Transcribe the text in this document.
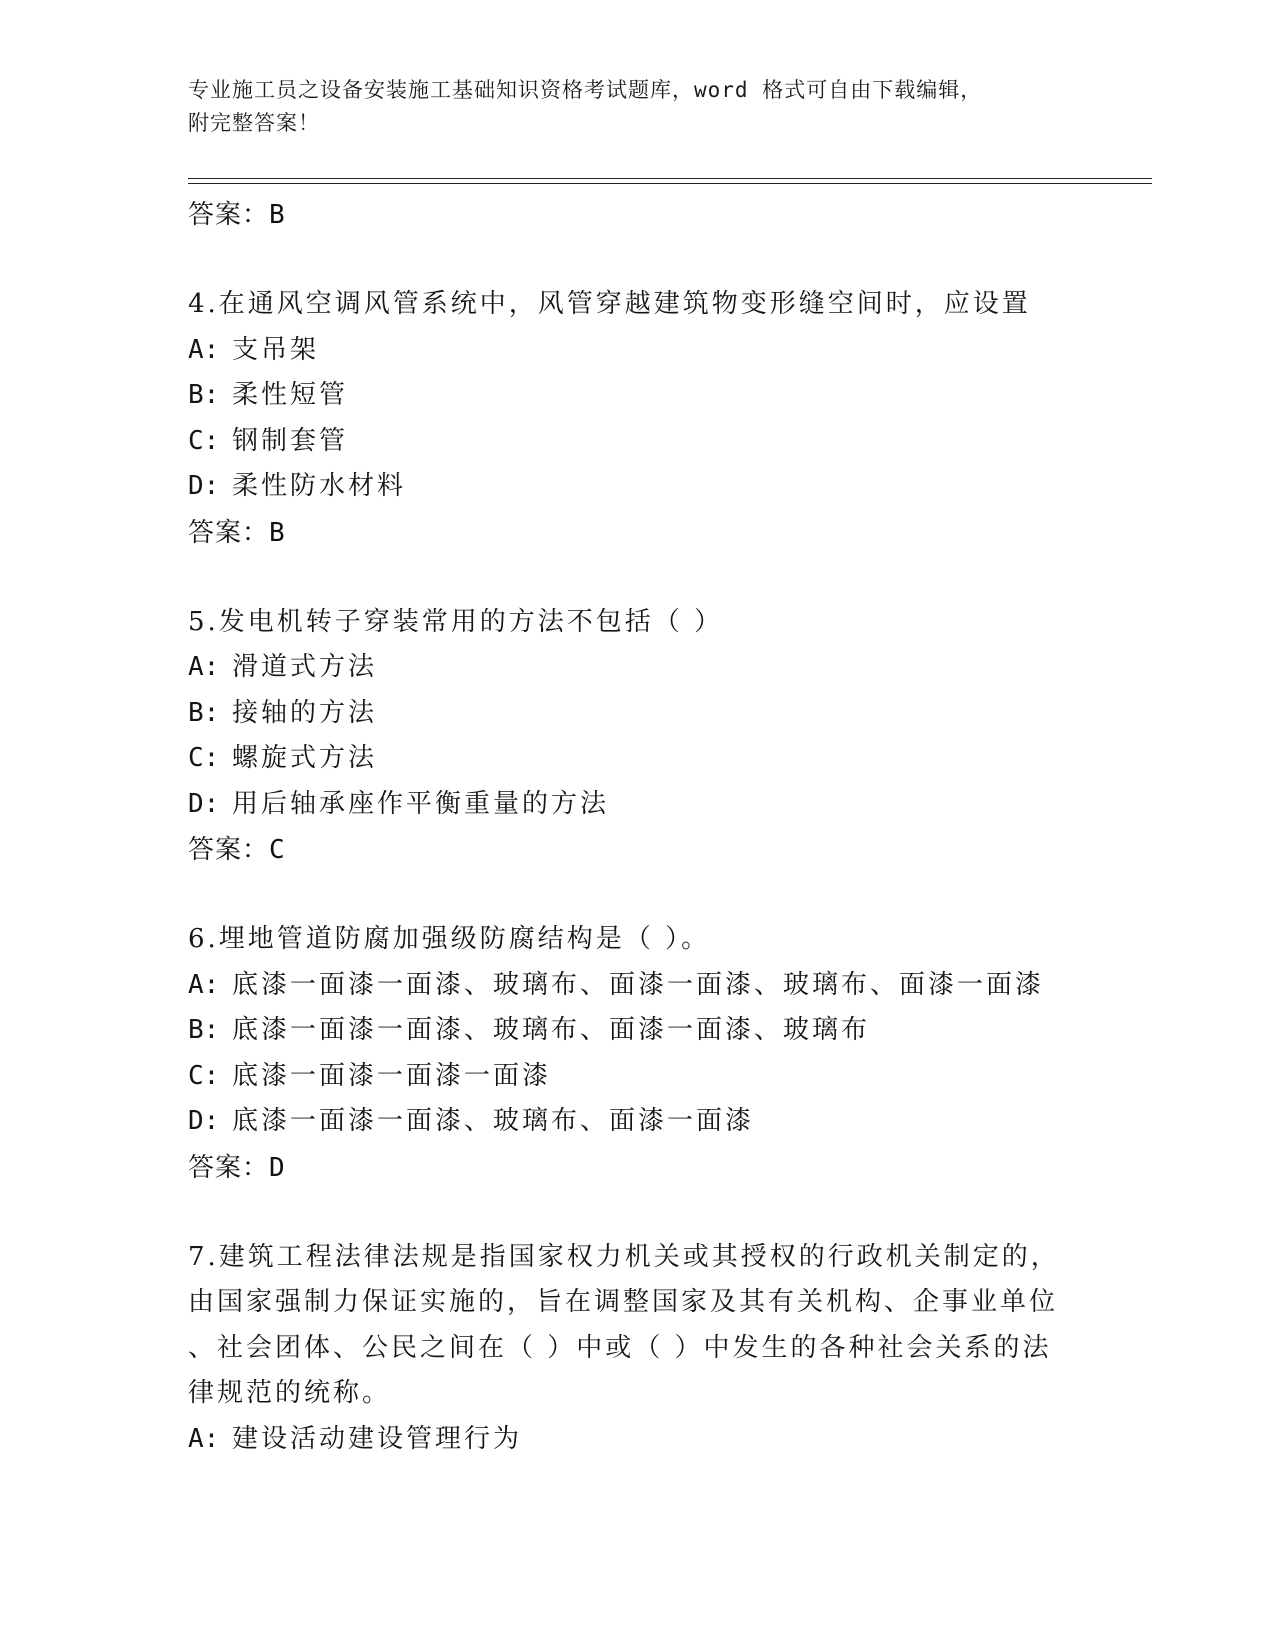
专业施工员之设备安装施工基础知识资格考试题库，word 格式可自由下载编辑，
附完整答案！
答案：B
4.在通风空调风管系统中，风管穿越建筑物变形缝空间时，应设置
A: 支吊架
B: 柔性短管
C: 钢制套管
D: 柔性防水材料
答案：B
5.发电机转子穿装常用的方法不包括（ ）
A: 滑道式方法
B: 接轴的方法
C: 螺旋式方法
D: 用后轴承座作平衡重量的方法
答案：C
6.埋地管道防腐加强级防腐结构是（ ）。
A: 底漆一面漆一面漆、玻璃布、面漆一面漆、玻璃布、面漆一面漆
B: 底漆一面漆一面漆、玻璃布、面漆一面漆、玻璃布
C: 底漆一面漆一面漆一面漆
D: 底漆一面漆一面漆、玻璃布、面漆一面漆
答案：D
7.建筑工程法律法规是指国家权力机关或其授权的行政机关制定的，
由国家强制力保证实施的，旨在调整国家及其有关机构、企事业单位
、社会团体、公民之间在（ ）中或（ ）中发生的各种社会关系的法
律规范的统称。
A: 建设活动建设管理行为
